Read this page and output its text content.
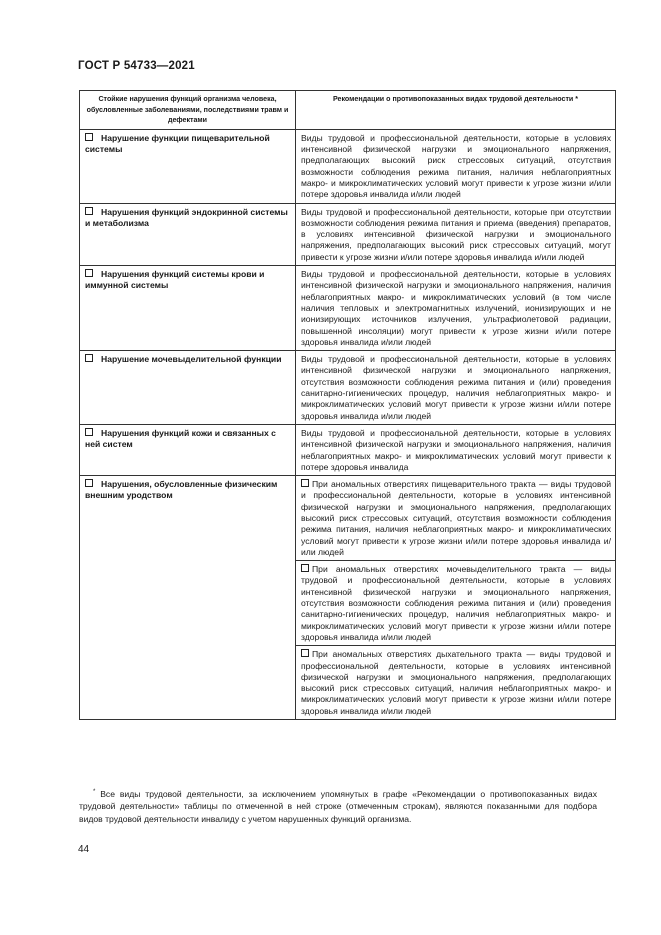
ГОСТ Р 54733—2021
Стойкие нарушения функций организма человека, обусловленные заболеваниями, последствиями травм и дефектами	Рекомендации о противопоказанных видах трудовой деятельности *
Нарушение функции пищеварительной системы	Виды трудовой и профессиональной деятельности, которые в условиях интенсивной физической нагрузки и эмоционального напряжения, предполагающих высокий риск стрессовых ситуаций, отсутствия возможности соблюдения режима питания, наличия неблагоприятных макро- и микроклиматических условий могут привести к угрозе жизни и/или потере здоровья инвалида и/или людей
Нарушения функций эндокринной системы и метаболизма	Виды трудовой и профессиональной деятельности, которые при отсутствии возможности соблюдения режима питания и приема (введения) препаратов, в условиях интенсивной физической нагрузки и эмоционального напряжения, предполагающих высокий риск стрессовых ситуаций, могут привести к угрозе жизни и/или потере здоровья инвалида и/или людей
Нарушения функций системы крови и иммунной системы	Виды трудовой и профессиональной деятельности, которые в условиях интенсивной физической нагрузки и эмоционального напряжения, наличия неблагоприятных макро- и микроклиматических условий (в том числе наличия тепловых и электромагнитных излучений, ионизирующих и не ионизирующих источников излучения, ультрафиолетовой радиации, повышенной инсоляции) могут привести к угрозе жизни и/или потере здоровья инвалида и/или людей
Нарушение мочевыделительной функции	Виды трудовой и профессиональной деятельности, которые в условиях интенсивной физической нагрузки и эмоционального напряжения, отсутствия возможности соблюдения режима питания и (или) проведения санитарно-гигиенических процедур, наличия неблагоприятных макро- и микроклиматических условий могут привести к угрозе жизни и/или потере здоровья инвалида и/или людей
Нарушения функций кожи и связанных с ней систем	Виды трудовой и профессиональной деятельности, которые в условиях интенсивной физической нагрузки и эмоционального напряжения, наличия неблагоприятных макро- и микроклиматических условий могут привести к потере здоровья инвалида
Нарушения, обусловленные физическим внешним уродством	При аномальных отверстиях пищеварительного тракта — виды трудовой и профессиональной деятельности, которые в условиях интенсивной физической нагрузки и эмоционального напряжения, предполагающих высокий риск стрессовых ситуаций, отсутствия возможности соблюдения режима питания, наличия неблагоприятных макро- и микроклиматических условий могут привести к угрозе жизни и/или потере здоровья инвалида и/или людей
	При аномальных отверстиях мочевыделительного тракта — виды трудовой и профессиональной деятельности, которые в условиях интенсивной физической нагрузки и эмоционального напряжения, отсутствия возможности соблюдения режима питания и (или) проведения санитарно-гигиенических процедур, наличия неблагоприятных макро- и микроклиматических условий могут привести к угрозе жизни и/или потере здоровья инвалида и/или людей
	При аномальных отверстиях дыхательного тракта — виды трудовой и профессиональной деятельности, которые в условиях интенсивной физической нагрузки и эмоционального напряжения, предполагающих высокий риск стрессовых ситуаций, наличия неблагоприятных макро- и микроклиматических условий могут привести к угрозе жизни и/или потере здоровья инвалида и/или людей
* Все виды трудовой деятельности, за исключением упомянутых в графе «Рекомендации о противопоказанных видах трудовой деятельности» таблицы по отмеченной в ней строке (отмеченным строкам), являются показанными для подбора видов трудовой деятельности инвалиду с учетом нарушенных функций организма.
44
